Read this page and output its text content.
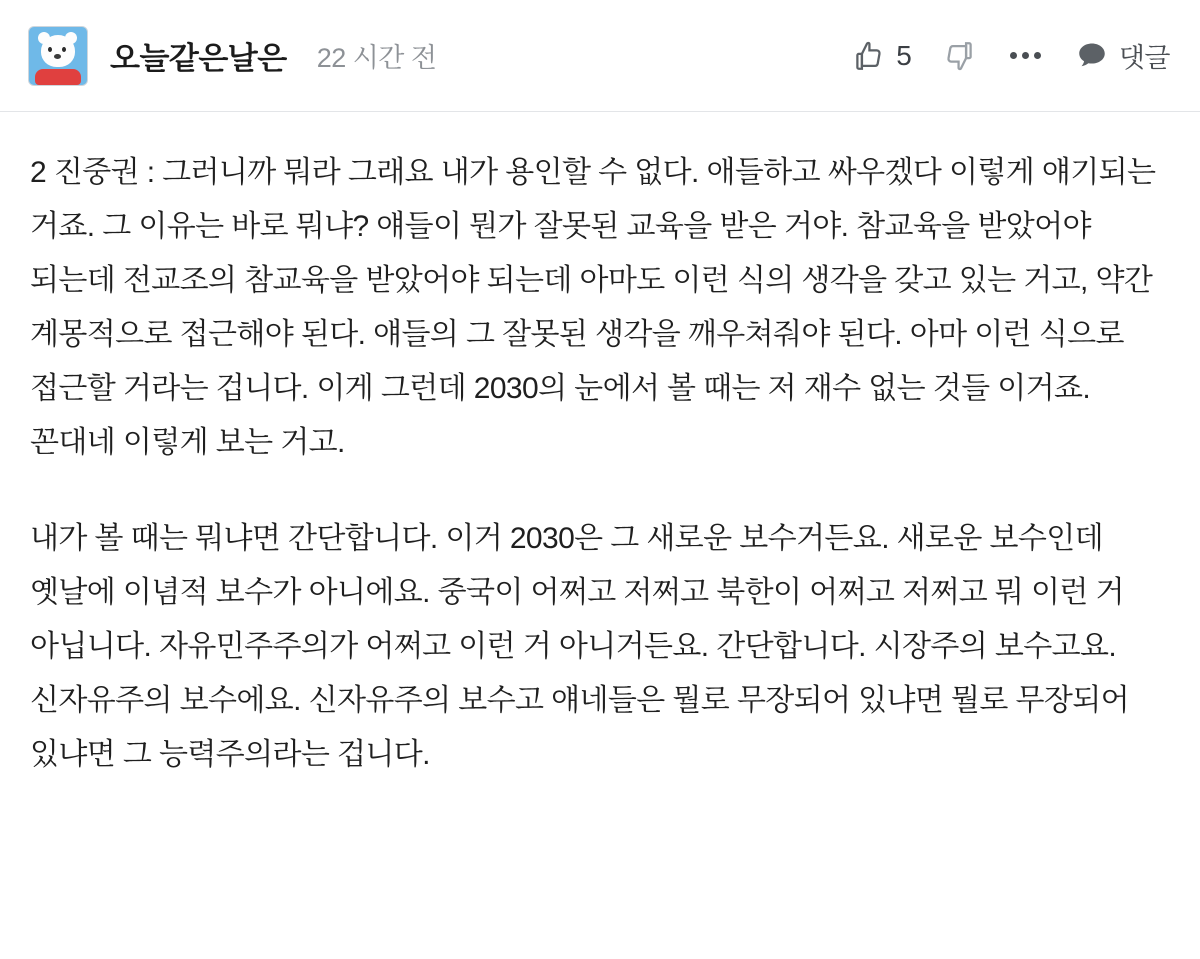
오늘같은날은 22 시간 전	5	댓글

2 진중권 : 그러니까 뭐라 그래요 내가 용인할 수 없다. 애들하고 싸우겠다 이렇게 얘기되는 거죠. 그 이유는 바로 뭐냐? 얘들이 뭔가 잘못된 교육을 받은 거야. 참교육을 받았어야 되는데 전교조의 참교육을 받았어야 되는데 아마도 이런 식의 생각을 갖고 있는 거고, 약간 계몽적으로 접근해야 된다. 얘들의 그 잘못된 생각을 깨우쳐줘야 된다. 아마 이런 식으로 접근할 거라는 겁니다. 이게 그런데 2030의 눈에서 볼 때는 저 재수 없는 것들 이거죠. 꼰대네 이렇게 보는 거고.

내가 볼 때는 뭐냐면 간단합니다. 이거 2030은 그 새로운 보수거든요. 새로운 보수인데 옛날에 이념적 보수가 아니에요. 중국이 어쩌고 저쩌고 북한이 어쩌고 저쩌고 뭐 이런 거 아닙니다. 자유민주주의가 어쩌고 이런 거 아니거든요. 간단합니다. 시장주의 보수고요. 신자유주의 보수에요. 신자유주의 보수고 얘네들은 뭘로 무장되어 있냐면 뭘로 무장되어 있냐면 그 능력주의라는 겁니다.
